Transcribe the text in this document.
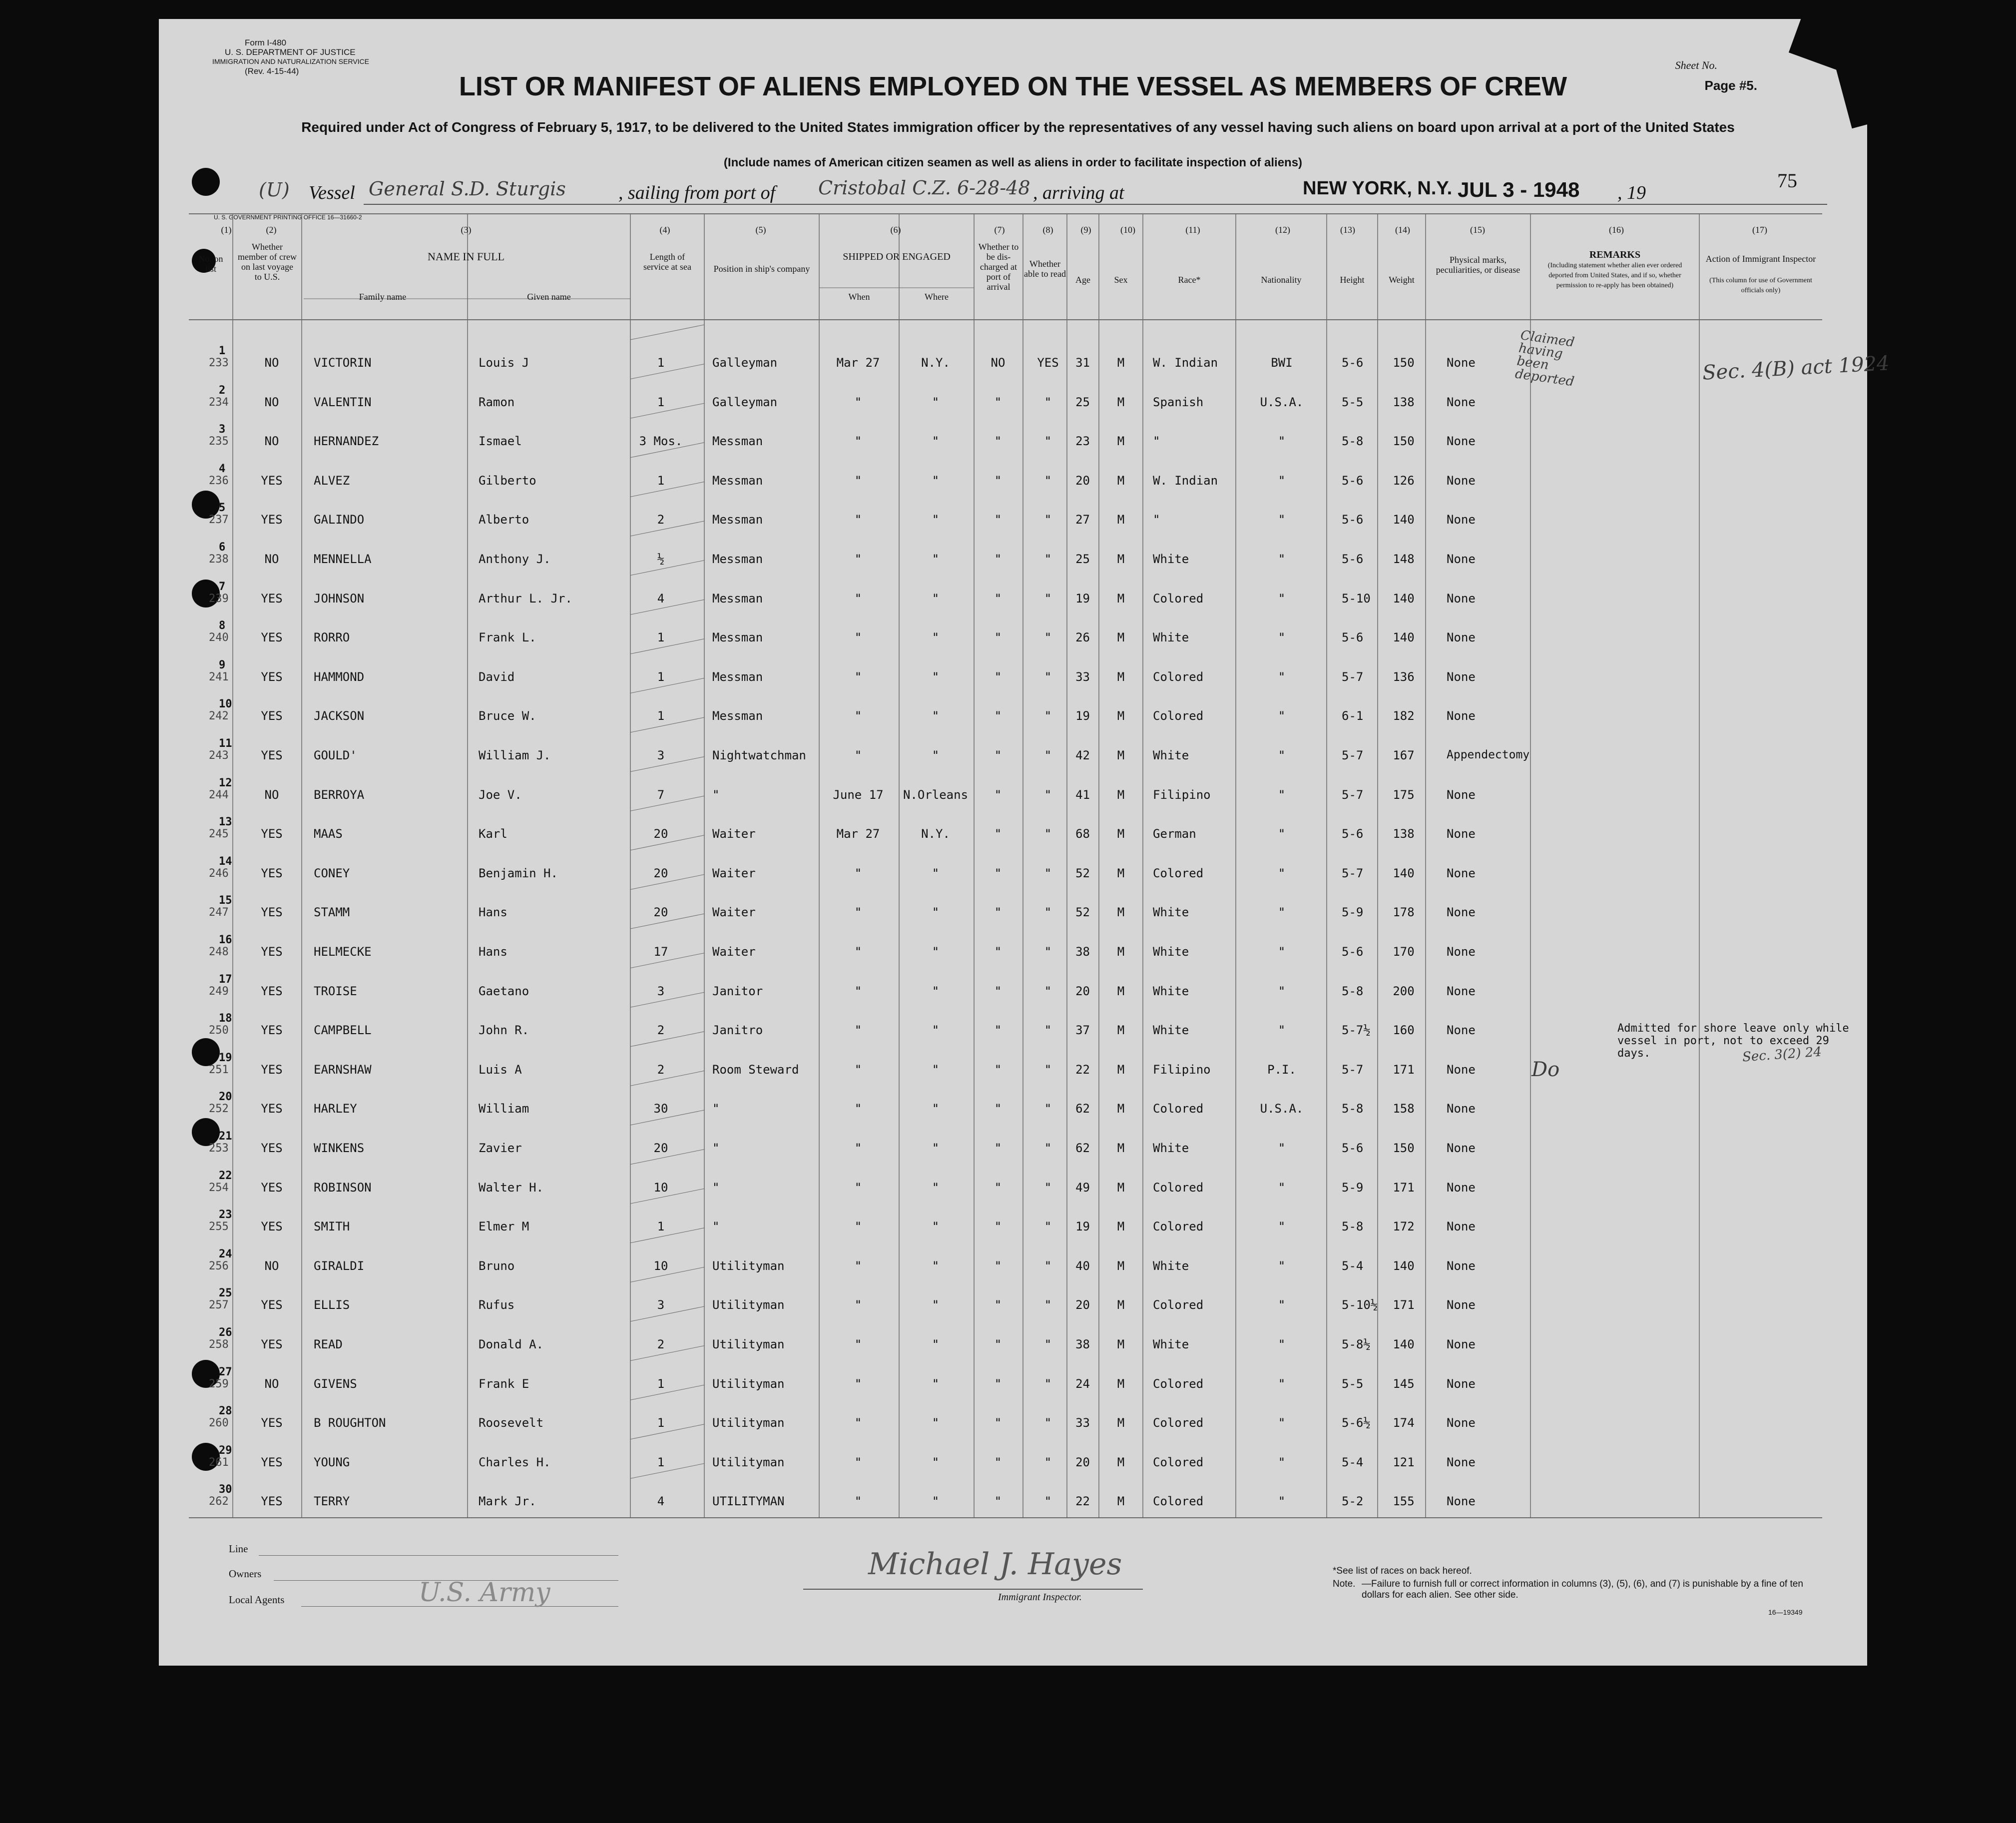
Form I-480
U. S. DEPARTMENT OF JUSTICE
IMMIGRATION AND NATURALIZATION SERVICE
(Rev. 4-15-44)	Sheet No.
Page #5.
LIST OR MANIFEST OF ALIENS EMPLOYED ON THE VESSEL AS MEMBERS OF CREW
Required under Act of Congress of February 5, 1917, to be delivered to the United States immigration officer by the representatives of any vessel having such aliens on board upon arrival at a port of the United States
(Include names of American citizen seamen as well as aliens in order to facilitate inspection of aliens)
(U) Vessel General S.D. Sturgis	, sailing from port of Cristobal C.Z. 6-28-48 , arriving at	NEW YORK, N.Y. JUL 3 - 1948 , 19
75
U. S. GOVERNMENT PRINTING OFFICE 16—31660-2
(1)	(2)	(3)	(4)	(5)	(6)	(7)	(8)	(9)	(10)	(11)	(12)	(13)	(14)	(15)	(16)	(17)
No. on list
Whether member of crew on last voyage to U.S.
NAME IN FULL
Family name	Given name
Length of service at sea	Position in ship's company
SHIPPED OR ENGAGED
When	Where
Whether to be dis-charged at port of arrival
Whether able to read
Age	Sex	Race*	Nationality	Height	Weight
Physical marks, peculiarities, or disease
REMARKS
(Including statement whether alien ever ordered deported from United States, and if so, whether permission to re-apply has been obtained)
Action of Immigrant Inspector
(This column for use of Government officials only)
233
1
NO	VICTORIN	Louis J	1	Galleyman	Mar 27	N.Y.	NO	YES	31	M	W. Indian	BWI	5-6	150	None
234
2
NO	VALENTIN	Ramon	1	Galleyman	"	"	"	"	25	M	Spanish	U.S.A.	5-5	138	None
235
3
NO	HERNANDEZ	Ismael	3 Mos.	Messman	"	"	"	"	23	M	"	"	5-8	150	None
236
4
YES	ALVEZ	Gilberto	1	Messman	"	"	"	"	20	M	W. Indian	"	5-6	126	None
237
5
YES	GALINDO	Alberto	2	Messman	"	"	"	"	27	M	"	"	5-6	140	None
238
6
NO	MENNELLA	Anthony J.	½	Messman	"	"	"	"	25	M	White	"	5-6	148	None
239
7
YES	JOHNSON	Arthur L. Jr.	4	Messman	"	"	"	"	19	M	Colored	"	5-10	140	None
240
8
YES	RORRO	Frank L.	1	Messman	"	"	"	"	26	M	White	"	5-6	140	None
241
9
YES	HAMMOND	David	1	Messman	"	"	"	"	33	M	Colored	"	5-7	136	None
242
10
YES	JACKSON	Bruce W.	1	Messman	"	"	"	"	19	M	Colored	"	6-1	182	None
243
11
YES	GOULD'	William J.	3	Nightwatchman	"	"	"	"	42	M	White	"	5-7	167	Appendectomy
244
12
NO	BERROYA	Joe V.	7	"	June 17	N.Orleans	"	"	41	M	Filipino	"	5-7	175	None
245
13
YES	MAAS	Karl	20	Waiter	Mar 27	N.Y.	"	"	68	M	German	"	5-6	138	None
246
14
YES	CONEY	Benjamin H.	20	Waiter	"	"	"	"	52	M	Colored	"	5-7	140	None
247
15
YES	STAMM	Hans	20	Waiter	"	"	"	"	52	M	White	"	5-9	178	None
248
16
YES	HELMECKE	Hans	17	Waiter	"	"	"	"	38	M	White	"	5-6	170	None
249
17
YES	TROISE	Gaetano	3	Janitor	"	"	"	"	20	M	White	"	5-8	200	None
250
18
YES	CAMPBELL	John R.	2	Janitro	"	"	"	"	37	M	White	"	5-7½	160	None
251
19
YES	EARNSHAW	Luis A	2	Room Steward	"	"	"	"	22	M	Filipino	P.I.	5-7	171	None
252
20
YES	HARLEY	William	30	"	"	"	"	"	62	M	Colored	U.S.A.	5-8	158	None
253
21
YES	WINKENS	Zavier	20	"	"	"	"	"	62	M	White	"	5-6	150	None
254
22
YES	ROBINSON	Walter H.	10	"	"	"	"	"	49	M	Colored	"	5-9	171	None
255
23
YES	SMITH	Elmer M	1	"	"	"	"	"	19	M	Colored	"	5-8	172	None
256
24
NO	GIRALDI	Bruno	10	Utilityman	"	"	"	"	40	M	White	"	5-4	140	None
257
25
YES	ELLIS	Rufus	3	Utilityman	"	"	"	"	20	M	Colored	"	5-10½	171	None
258
26
YES	READ	Donald A.	2	Utilityman	"	"	"	"	38	M	White	"	5-8½	140	None
259
27
NO	GIVENS	Frank E	1	Utilityman	"	"	"	"	24	M	Colored	"	5-5	145	None
260
28
YES	B ROUGHTON	Roosevelt	1	Utilityman	"	"	"	"	33	M	Colored	"	5-6½	174	None
261
29
YES	YOUNG	Charles H.	1	Utilityman	"	"	"	"	20	M	Colored	"	5-4	121	None
262
30
YES	TERRY	Mark Jr.	4	UTILITYMAN	"	"	"	"	22	M	Colored	"	5-2	155	None
Claimed having been deported	Sec. 4(B) act 1924
Do
Admitted for shore leave only while vessel in port, not to exceed 29 days.	Sec. 3(2) 24
Line
Owners
Local Agents	U.S. Army
Michael J. Hayes
Immigrant Inspector.
*See list of races on back hereof.
Note. —Failure to furnish full or correct information in columns (3), (5), (6), and (7) is punishable by a fine of ten dollars for each alien. See other side.
16—19349
